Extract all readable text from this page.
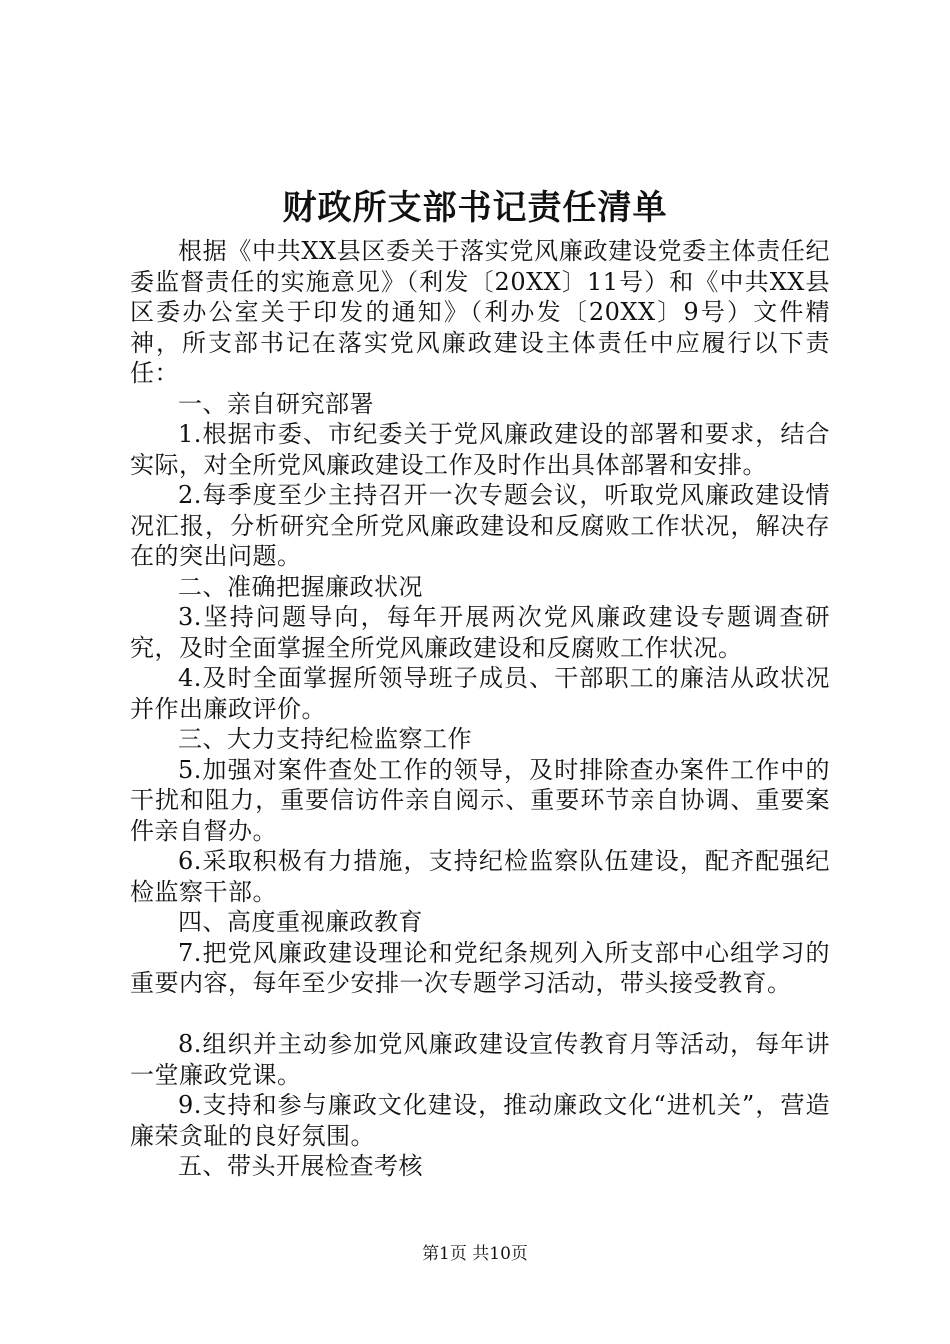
财政所支部书记责任清单

根据《中共XX县区委关于落实党风廉政建设党委主体责任纪委监督责任的实施意见》（利发〔20XX〕11号）和《中共XX县区委办公室关于印发的通知》（利办发〔20XX〕9号）文件精神，所支部书记在落实党风廉政建设主体责任中应履行以下责任：

一、亲自研究部署

1.根据市委、市纪委关于党风廉政建设的部署和要求，结合实际，对全所党风廉政建设工作及时作出具体部署和安排。

2.每季度至少主持召开一次专题会议，听取党风廉政建设情况汇报，分析研究全所党风廉政建设和反腐败工作状况，解决存在的突出问题。

二、准确把握廉政状况

3.坚持问题导向，每年开展两次党风廉政建设专题调查研究，及时全面掌握全所党风廉政建设和反腐败工作状况。

4.及时全面掌握所领导班子成员、干部职工的廉洁从政状况并作出廉政评价。

三、大力支持纪检监察工作

5.加强对案件查处工作的领导，及时排除查办案件工作中的干扰和阻力，重要信访件亲自阅示、重要环节亲自协调、重要案件亲自督办。

6.采取积极有力措施，支持纪检监察队伍建设，配齐配强纪检监察干部。

四、高度重视廉政教育

7.把党风廉政建设理论和党纪条规列入所支部中心组学习的重要内容，每年至少安排一次专题学习活动，带头接受教育。

8.组织并主动参加党风廉政建设宣传教育月等活动，每年讲一堂廉政党课。

9.支持和参与廉政文化建设，推动廉政文化“进机关”，营造廉荣贪耻的良好氛围。

五、带头开展检查考核

第1页 共10页
